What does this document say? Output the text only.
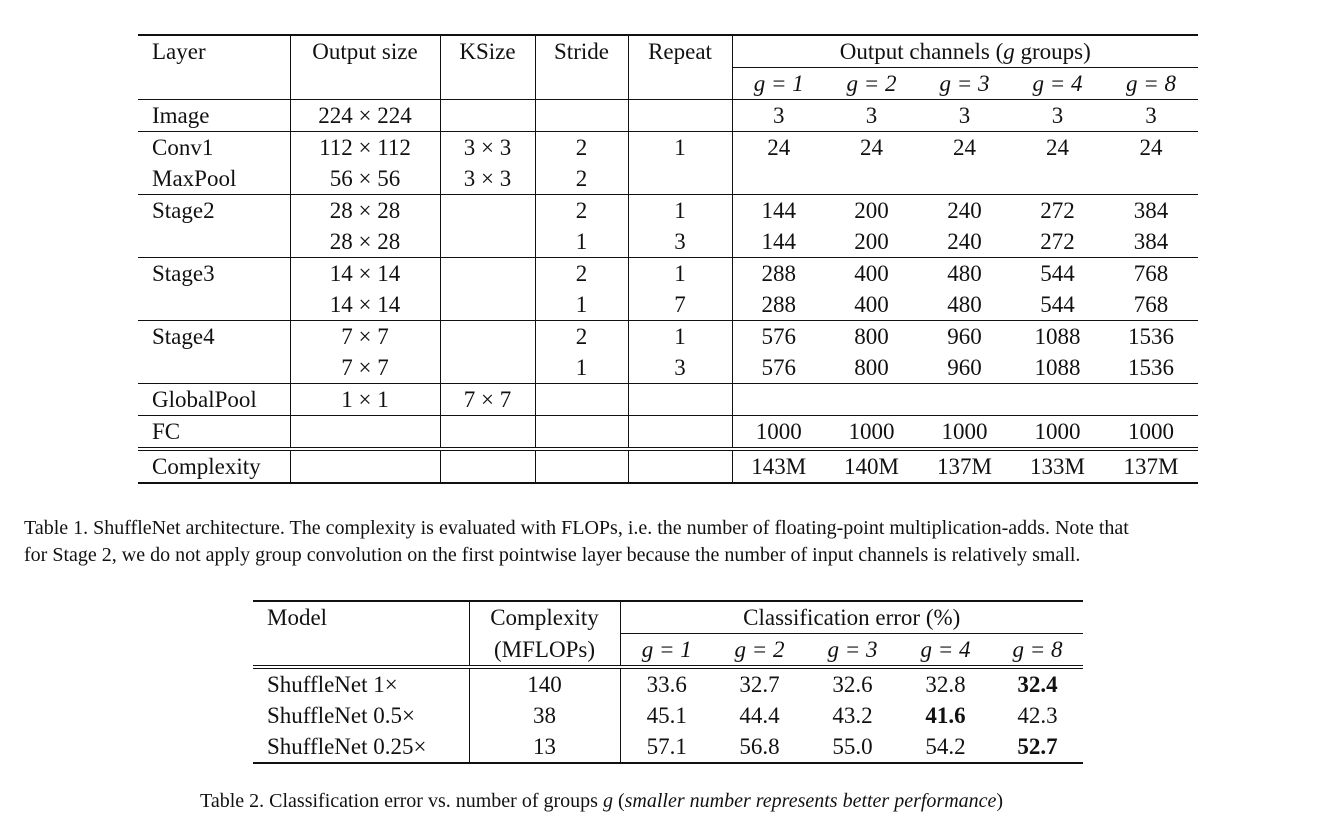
Layer	Output size	KSize	Stride	Repeat	Output channels (g groups)				
					g = 1	g = 2	g = 3	g = 4	g = 8
Image	224 × 224				3	3	3	3	3
Conv1	112 × 112	3 × 3	2	1	24	24	24	24	24
MaxPool	56 × 56	3 × 3	2						
Stage2	28 × 28		2	1	144	200	240	272	384
	28 × 28		1	3	144	200	240	272	384
Stage3	14 × 14		2	1	288	400	480	544	768
	14 × 14		1	7	288	400	480	544	768
Stage4	7 × 7		2	1	576	800	960	1088	1536
	7 × 7		1	3	576	800	960	1088	1536
GlobalPool	1 × 1	7 × 7							
FC					1000	1000	1000	1000	1000
Complexity					143M	140M	137M	133M	137M
Table 1. ShuffleNet architecture. The complexity is evaluated with FLOPs, i.e. the number of floating-point multiplication-adds. Note that
for Stage 2, we do not apply group convolution on the first pointwise layer because the number of input channels is relatively small.
Model	Complexity	Classification error (%)				
	(MFLOPs)	g = 1	g = 2	g = 3	g = 4	g = 8
ShuffleNet 1×	140	33.6	32.7	32.6	32.8	32.4
ShuffleNet 0.5×	38	45.1	44.4	43.2	41.6	42.3
ShuffleNet 0.25×	13	57.1	56.8	55.0	54.2	52.7
Table 2. Classification error vs. number of groups g (smaller number represents better performance)
